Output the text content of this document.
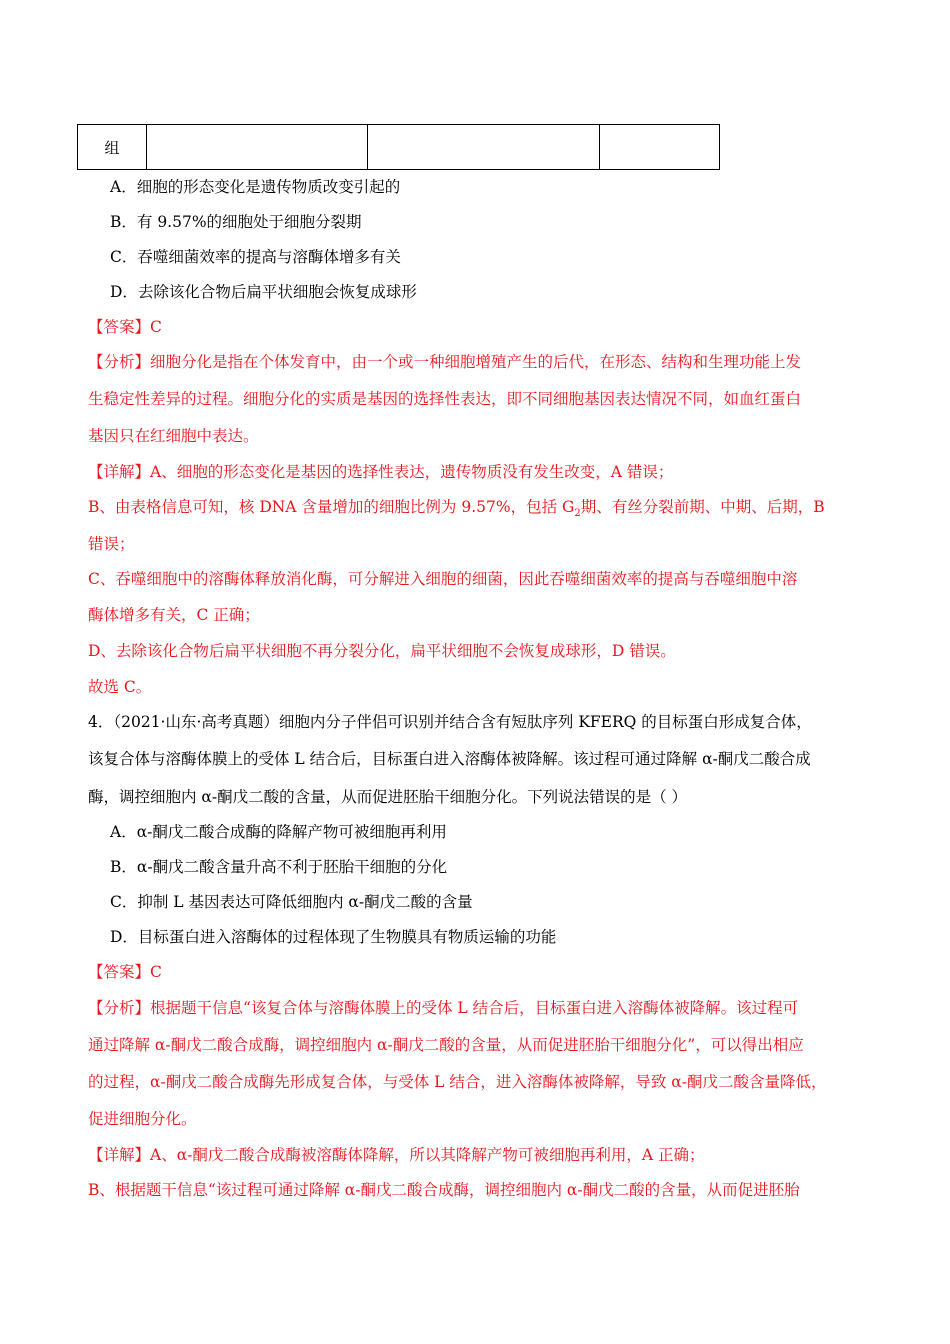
组			
A．细胞的形态变化是遗传物质改变引起的
B．有 9.57%的细胞处于细胞分裂期
C．吞噬细菌效率的提高与溶酶体增多有关
D．去除该化合物后扁平状细胞会恢复成球形
【答案】C
【分析】细胞分化是指在个体发育中，由一个或一种细胞增殖产生的后代，在形态、结构和生理功能上发
生稳定性差异的过程。细胞分化的实质是基因的选择性表达，即不同细胞基因表达情况不同，如血红蛋白
基因只在红细胞中表达。
【详解】A、细胞的形态变化是基因的选择性表达，遗传物质没有发生改变，A 错误；
B、由表格信息可知，核 DNA 含量增加的细胞比例为 9.57%，包括 $G_2$期、有丝分裂前期、中期、后期，B
错误；
C、吞噬细胞中的溶酶体释放消化酶，可分解进入细胞的细菌，因此吞噬细菌效率的提高与吞噬细胞中溶
酶体增多有关，C 正确；
D、去除该化合物后扁平状细胞不再分裂分化，扁平状细胞不会恢复成球形，D 错误。
故选 C。
4．（2021·山东·高考真题）细胞内分子伴侣可识别并结合含有短肽序列 KFERQ 的目标蛋白形成复合体，
该复合体与溶酶体膜上的受体 L 结合后，目标蛋白进入溶酶体被降解。该过程可通过降解 α-酮戊二酸合成
酶，调控细胞内 α-酮戊二酸的含量，从而促进胚胎干细胞分化。下列说法错误的是（ ）
A．α-酮戊二酸合成酶的降解产物可被细胞再利用
B．α-酮戊二酸含量升高不利于胚胎干细胞的分化
C．抑制 L 基因表达可降低细胞内 α-酮戊二酸的含量
D．目标蛋白进入溶酶体的过程体现了生物膜具有物质运输的功能
【答案】C
【分析】根据题干信息“该复合体与溶酶体膜上的受体 L 结合后，目标蛋白进入溶酶体被降解。该过程可
通过降解 α-酮戊二酸合成酶，调控细胞内 α-酮戊二酸的含量，从而促进胚胎干细胞分化”，可以得出相应
的过程，α-酮戊二酸合成酶先形成复合体，与受体 L 结合，进入溶酶体被降解，导致 α-酮戊二酸含量降低，
促进细胞分化。
【详解】A、α-酮戊二酸合成酶被溶酶体降解，所以其降解产物可被细胞再利用，A 正确；
B、根据题干信息“该过程可通过降解 α-酮戊二酸合成酶，调控细胞内 α-酮戊二酸的含量，从而促进胚胎
